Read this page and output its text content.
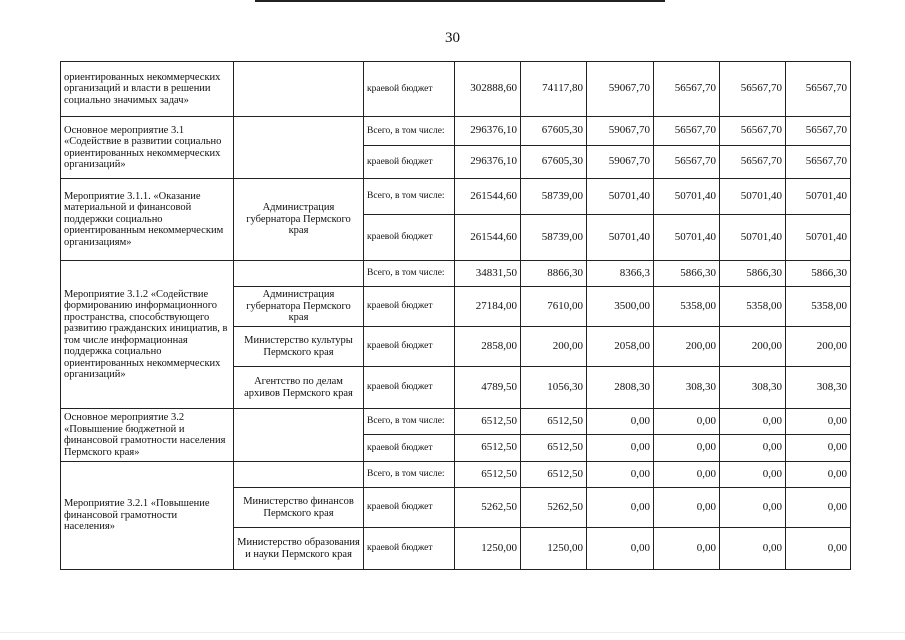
30
ориентированных некоммерческих организаций и власти в решении социально значимых задач»		краевой бюджет	302888,60	74117,80	59067,70	56567,70	56567,70	56567,70
Основное мероприятие 3.1 «Содействие в развитии социально ориентированных некоммерческих организаций»		Всего, в том числе:	296376,10	67605,30	59067,70	56567,70	56567,70	56567,70
		краевой бюджет	296376,10	67605,30	59067,70	56567,70	56567,70	56567,70
Мероприятие 3.1.1. «Оказание материальной и финансовой поддержки социально ориентированным некоммерческим организациям»	Администрация губернатора Пермского края	Всего, в том числе:	261544,60	58739,00	50701,40	50701,40	50701,40	50701,40
		краевой бюджет	261544,60	58739,00	50701,40	50701,40	50701,40	50701,40
Мероприятие 3.1.2 «Содействие формированию информационного пространства, способствующего развитию гражданских инициатив, в том числе информационная поддержка социально ориентированных некоммерческих организаций»		Всего, в том числе:	34831,50	8866,30	8366,3	5866,30	5866,30	5866,30
	Администрация губернатора Пермского края	краевой бюджет	27184,00	7610,00	3500,00	5358,00	5358,00	5358,00
	Министерство культуры Пермского края	краевой бюджет	2858,00	200,00	2058,00	200,00	200,00	200,00
	Агентство по делам архивов Пермского края	краевой бюджет	4789,50	1056,30	2808,30	308,30	308,30	308,30
Основное мероприятие 3.2 «Повышение бюджетной и финансовой грамотности населения Пермского края»		Всего, в том числе:	6512,50	6512,50	0,00	0,00	0,00	0,00
		краевой бюджет	6512,50	6512,50	0,00	0,00	0,00	0,00
Мероприятие 3.2.1 «Повышение финансовой грамотности населения»		Всего, в том числе:	6512,50	6512,50	0,00	0,00	0,00	0,00
	Министерство финансов Пермского края	краевой бюджет	5262,50	5262,50	0,00	0,00	0,00	0,00
	Министерство образования и науки Пермского края	краевой бюджет	1250,00	1250,00	0,00	0,00	0,00	0,00
